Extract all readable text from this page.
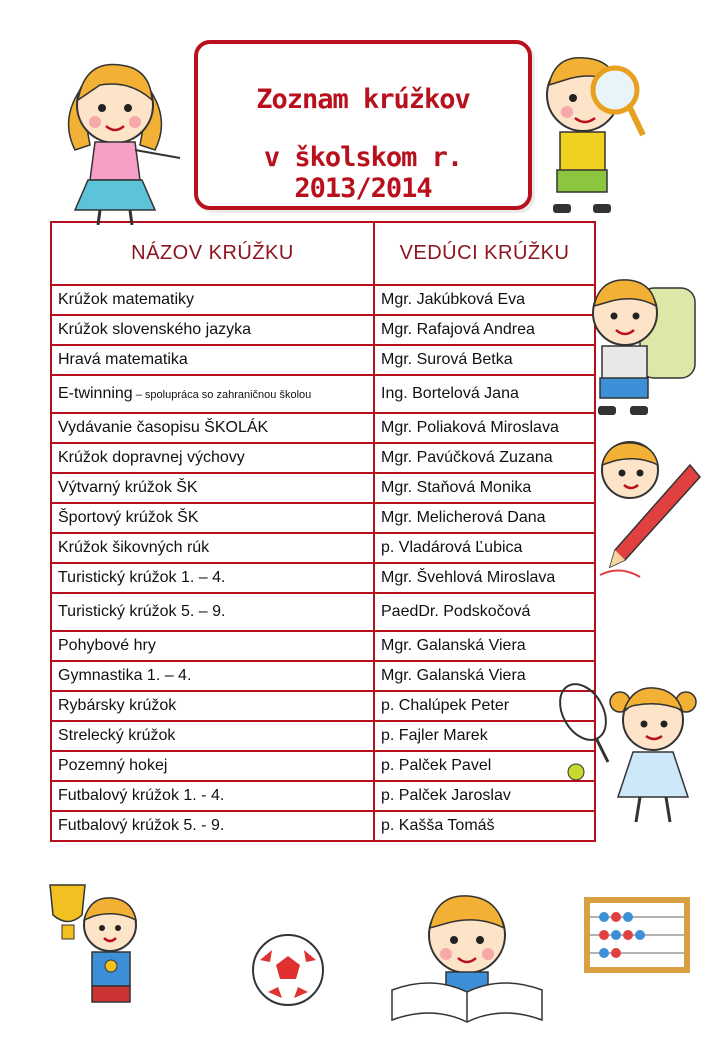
Zoznam krúžkov
v školskom r. 2013/2014
NÁZOV KRÚŽKU	VEDÚCI KRÚŽKU
Krúžok matematiky	Mgr. Jakúbková Eva
Krúžok slovenského jazyka	Mgr. Rafajová Andrea
Hravá matematika	Mgr. Surová Betka
E-twinning – spolupráca so zahraničnou školou	Ing. Bortelová Jana
Vydávanie časopisu ŠKOLÁK	Mgr. Poliaková Miroslava
Krúžok dopravnej výchovy	Mgr. Pavúčková Zuzana
Výtvarný krúžok ŠK	Mgr. Staňová Monika
Športový krúžok ŠK	Mgr. Melicherová Dana
Krúžok šikovných rúk	p. Vladárová Ľubica
Turistický krúžok 1. – 4.	Mgr. Švehlová Miroslava
Turistický krúžok 5. – 9.	PaedDr. Podskočová
Pohybové hry	Mgr. Galanská Viera
Gymnastika 1. – 4.	Mgr. Galanská Viera
Rybársky krúžok	p. Chalúpek Peter
Strelecký krúžok	p. Fajler Marek
Pozemný hokej	p. Palček Pavel
Futbalový krúžok 1. - 4.	p. Palček Jaroslav
Futbalový krúžok 5. - 9.	p. Kašša Tomáš
